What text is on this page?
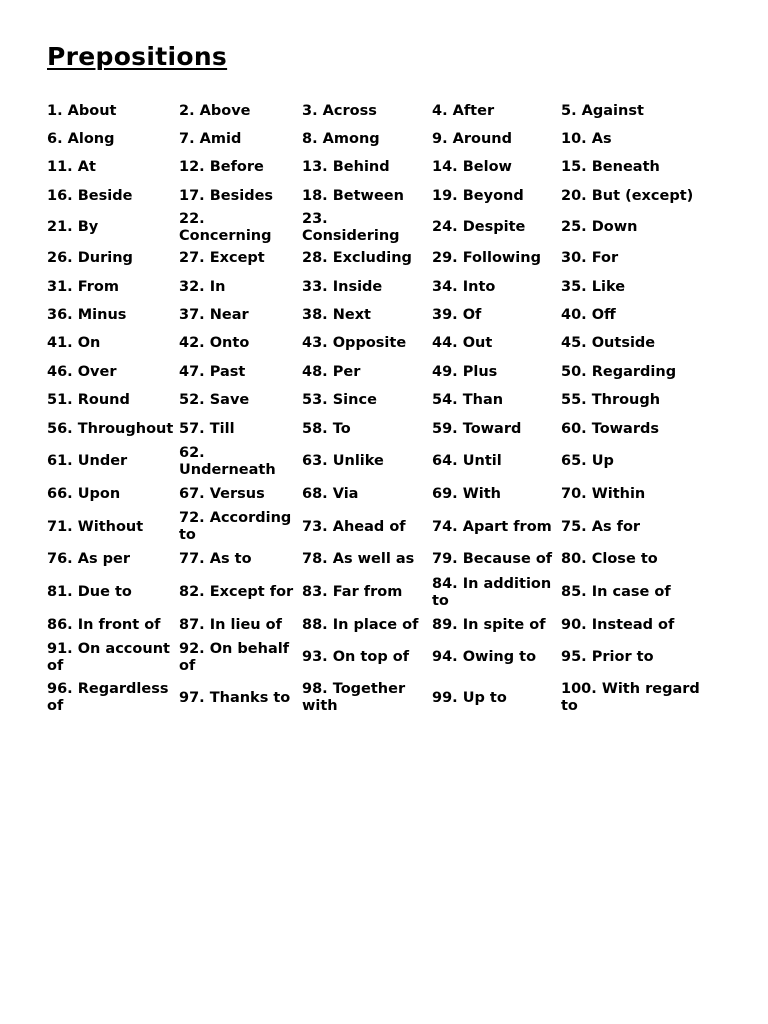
Prepositions
1. About	2. Above	3. Across	4. After	5. Against
6. Along	7. Amid	8. Among	9. Around	10. As
11. At	12. Before	13. Behind	14. Below	15. Beneath
16. Beside	17. Besides	18. Between	19. Beyond	20. But (except)
21. By	22. Concerning	23. Considering	24. Despite	25. Down
26. During	27. Except	28. Excluding	29. Following	30. For
31. From	32. In	33. Inside	34. Into	35. Like
36. Minus	37. Near	38. Next	39. Of	40. Off
41. On	42. Onto	43. Opposite	44. Out	45. Outside
46. Over	47. Past	48. Per	49. Plus	50. Regarding
51. Round	52. Save	53. Since	54. Than	55. Through
56. Throughout	57. Till	58. To	59. Toward	60. Towards
61. Under	62. Underneath	63. Unlike	64. Until	65. Up
66. Upon	67. Versus	68. Via	69. With	70. Within
71. Without	72. According to	73. Ahead of	74. Apart from	75. As for
76. As per	77. As to	78. As well as	79. Because of	80. Close to
81. Due to	82. Except for	83. Far from	84. In addition to	85. In case of
86. In front of	87. In lieu of	88. In place of	89. In spite of	90. Instead of
91. On account of	92. On behalf of	93. On top of	94. Owing to	95. Prior to
96. Regardless of	97. Thanks to	98. Together with	99. Up to	100. With regard to
